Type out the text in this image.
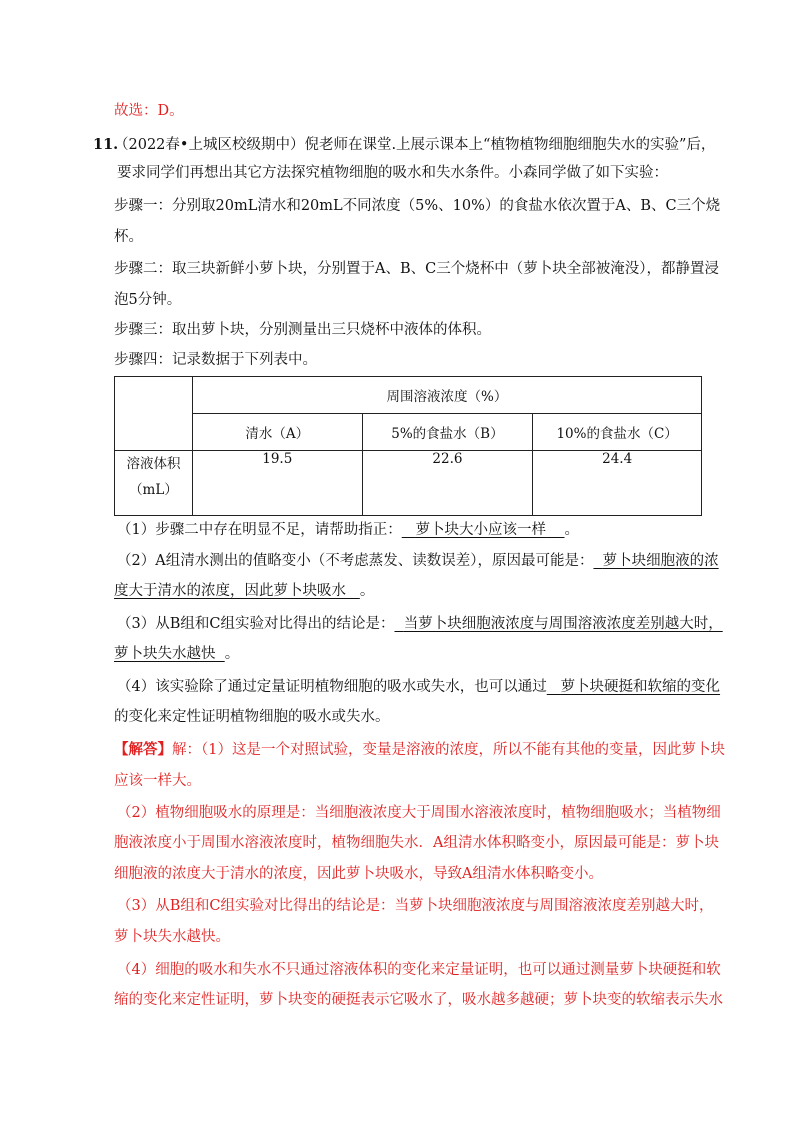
故选：D。
11.
（2022春•上城区校级期中）倪老师在课堂.上展示课本上“植物植物细胞细胞失水的实验”后，
要求同学们再想出其它方法探究植物细胞的吸水和失水条件。小森同学做了如下实验：
步骤一：分别取20mL清水和20mL不同浓度（5%、10%）的食盐水依次置于A、B、C三个烧
杯。
步骤二：取三块新鲜小萝卜块，分别置于A、B、C三个烧杯中（萝卜块全部被淹没），都静置浸
泡5分钟。
步骤三：取出萝卜块，分别测量出三只烧杯中液体的体积。
步骤四：记录数据于下列表中。
	周围溶液浓度（%）		
	清水（A）	5%的食盐水（B）	10%的食盐水（C）

溶液体积
（mL）	19.5	22.6	24.4
（1）步骤二中存在明显不足，请帮助指正： 萝卜块大小应该一样 。
（2）A组清水测出的值略变小（不考虑蒸发、读数误差），原因最可能是： 萝卜块细胞液的浓
度大于清水的浓度，因此萝卜块吸水 。
（3）从B组和C组实验对比得出的结论是： 当萝卜块细胞液浓度与周围溶液浓度差别越大时，
萝卜块失水越快 。
（4）该实验除了通过定量证明植物细胞的吸水或失水，也可以通过 萝卜块硬挺和软缩的变化
的变化来定性证明植物细胞的吸水或失水。
【解答】解：（1）这是一个对照试验，变量是溶液的浓度，所以不能有其他的变量，因此萝卜块
应该一样大。
（2）植物细胞吸水的原理是：当细胞液浓度大于周围水溶液浓度时，植物细胞吸水；当植物细
胞液浓度小于周围水溶液浓度时，植物细胞失水．A组清水体积略变小，原因最可能是：萝卜块
细胞液的浓度大于清水的浓度，因此萝卜块吸水，导致A组清水体积略变小。
（3）从B组和C组实验对比得出的结论是：当萝卜块细胞液浓度与周围溶液浓度差别越大时，
萝卜块失水越快。
（4）细胞的吸水和失水不只通过溶液体积的变化来定量证明，也可以通过测量萝卜块硬挺和软
缩的变化来定性证明，萝卜块变的硬挺表示它吸水了，吸水越多越硬；萝卜块变的软缩表示失水
